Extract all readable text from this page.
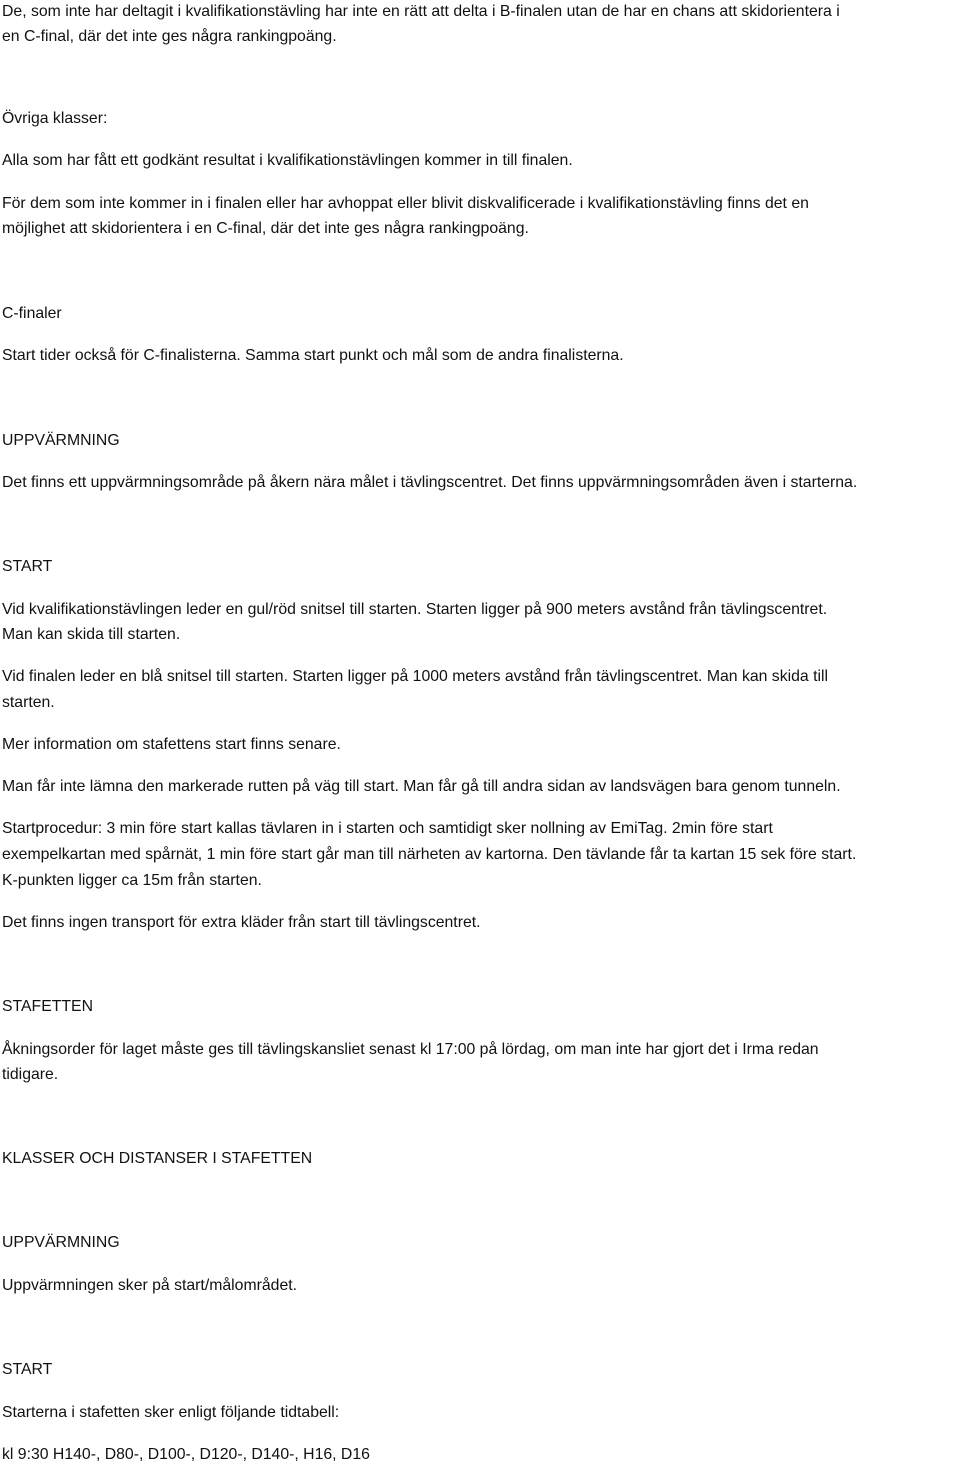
De, som inte har deltagit i kvalifikationstävling har inte en rätt att delta i B-finalen utan de har en chans att skidorientera i

en C-final, där det inte ges några rankingpoäng.

Övriga klasser:

Alla som har fått ett godkänt resultat i kvalifikationstävlingen kommer in till finalen.

För dem som inte kommer in i finalen eller har avhoppat eller blivit diskvalificerade i kvalifikationstävling finns det en

möjlighet att skidorientera i en C-final, där det inte ges några rankingpoäng.

C-finaler

Start tider också för C-finalisterna. Samma start punkt och mål som de andra finalisterna.

UPPVÄRMNING

Det finns ett uppvärmningsområde på åkern nära målet i tävlingscentret. Det finns uppvärmningsområden även i starterna.

START

Vid kvalifikationstävlingen leder en gul/röd snitsel till starten. Starten ligger på 900 meters avstånd från tävlingscentret.

Man kan skida till starten.

Vid finalen leder en blå snitsel till starten. Starten ligger på 1000 meters avstånd från tävlingscentret. Man kan skida till

starten.

Mer information om stafettens start finns senare.

Man får inte lämna den markerade rutten på väg till start. Man får gå till andra sidan av landsvägen bara genom tunneln.

Startprocedur: 3 min före start kallas tävlaren in i starten och samtidigt sker nollning av EmiTag. 2min före start

exempelkartan med spårnät, 1 min före start går man till närheten av kartorna. Den tävlande får ta kartan 15 sek före start.

K-punkten ligger ca 15m från starten.

Det finns ingen transport för extra kläder från start till tävlingscentret.

STAFETTEN

Åkningsorder för laget måste ges till tävlingskansliet senast kl 17:00 på lördag, om man inte har gjort det i Irma redan

tidigare.

KLASSER OCH DISTANSER I STAFETTEN

UPPVÄRMNING

Uppvärmningen sker på start/målområdet.

START

Starterna i stafetten sker enligt följande tidtabell:

kl 9:30 H140-, D80-, D100-, D120-, D140-, H16, D16
